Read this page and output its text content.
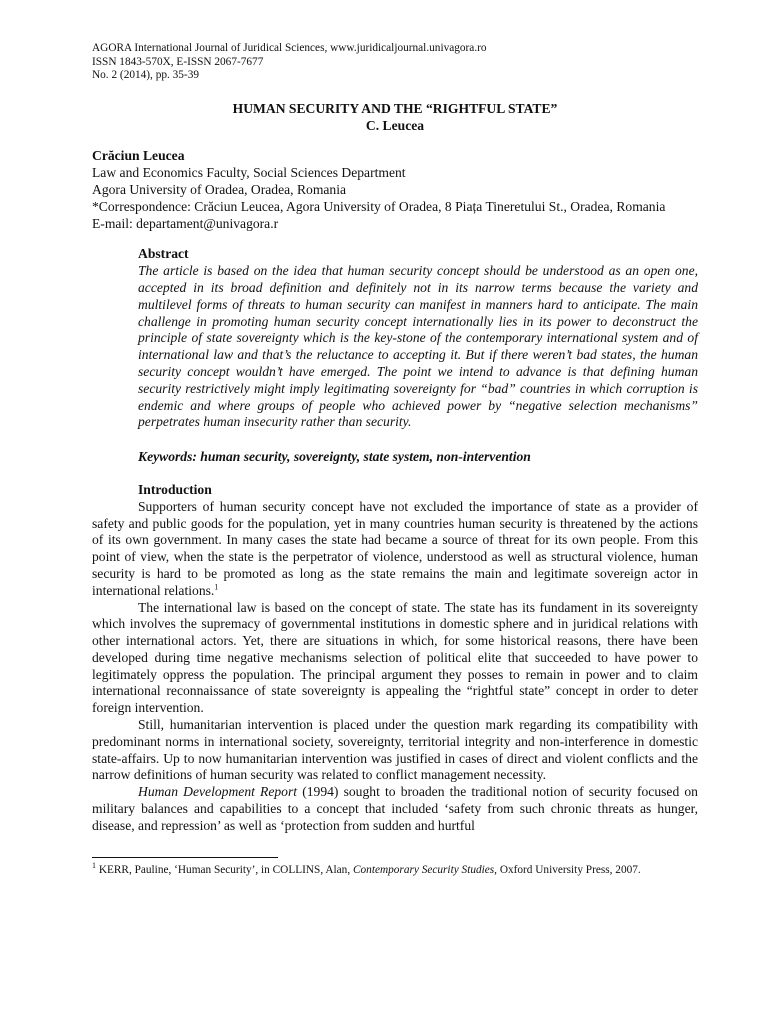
AGORA International Journal of Juridical Sciences, www.juridicaljournal.univagora.ro
ISSN 1843-570X, E-ISSN 2067-7677
No. 2 (2014), pp. 35-39
HUMAN SECURITY AND THE “RIGHTFUL STATE”
C. Leucea
Crăciun Leucea
Law and Economics Faculty, Social Sciences Department
Agora University of Oradea, Oradea, Romania
*Correspondence: Crăciun Leucea, Agora University of Oradea, 8 Piața Tineretului St., Oradea, Romania
E-mail: departament@univagora.r
Abstract
The article is based on the idea that human security concept should be understood as an open one, accepted in its broad definition and definitely not in its narrow terms because the variety and multilevel forms of threats to human security can manifest in manners hard to anticipate. The main challenge in promoting human security concept internationally lies in its power to deconstruct the principle of state sovereignty which is the key-stone of the contemporary international system and of international law and that’s the reluctance to accepting it. But if there weren’t bad states, the human security concept wouldn’t have emerged. The point we intend to advance is that defining human security restrictively might imply legitimating sovereignty for “bad” countries in which corruption is endemic and where groups of people who achieved power by “negative selection mechanisms” perpetrates human insecurity rather than security.
Keywords: human security, sovereignty, state system, non-intervention
Introduction

Supporters of human security concept have not excluded the importance of state as a provider of safety and public goods for the population, yet in many countries human security is threatened by the actions of its own government. In many cases the state had became a source of threat for its own people. From this point of view, when the state is the perpetrator of violence, understood as well as structural violence, human security is hard to be promoted as long as the state remains the main and legitimate sovereign actor in international relations.$^1$

The international law is based on the concept of state. The state has its fundament in its sovereignty which involves the supremacy of governmental institutions in domestic sphere and in juridical relations with other international actors. Yet, there are situations in which, for some historical reasons, there have been developed during time negative mechanisms selection of political elite that succeeded to have power to legitimately oppress the population. The principal argument they posses to remain in power and to claim international reconnaissance of state sovereignty is appealing the “rightful state” concept in order to deter foreign intervention.

Still, humanitarian intervention is placed under the question mark regarding its compatibility with predominant norms in international society, sovereignty, territorial integrity and non-interference in domestic state-affairs. Up to now humanitarian intervention was justified in cases of direct and violent conflicts and the narrow definitions of human security was related to conflict management necessity.

Human Development Report (1994) sought to broaden the traditional notion of security focused on military balances and capabilities to a concept that included ‘safety from such chronic threats as hunger, disease, and repression’ as well as ‘protection from sudden and hurtful

$^1$ KERR, Pauline, ‘Human Security’, in COLLINS, Alan, Contemporary Security Studies, Oxford University Press, 2007.
